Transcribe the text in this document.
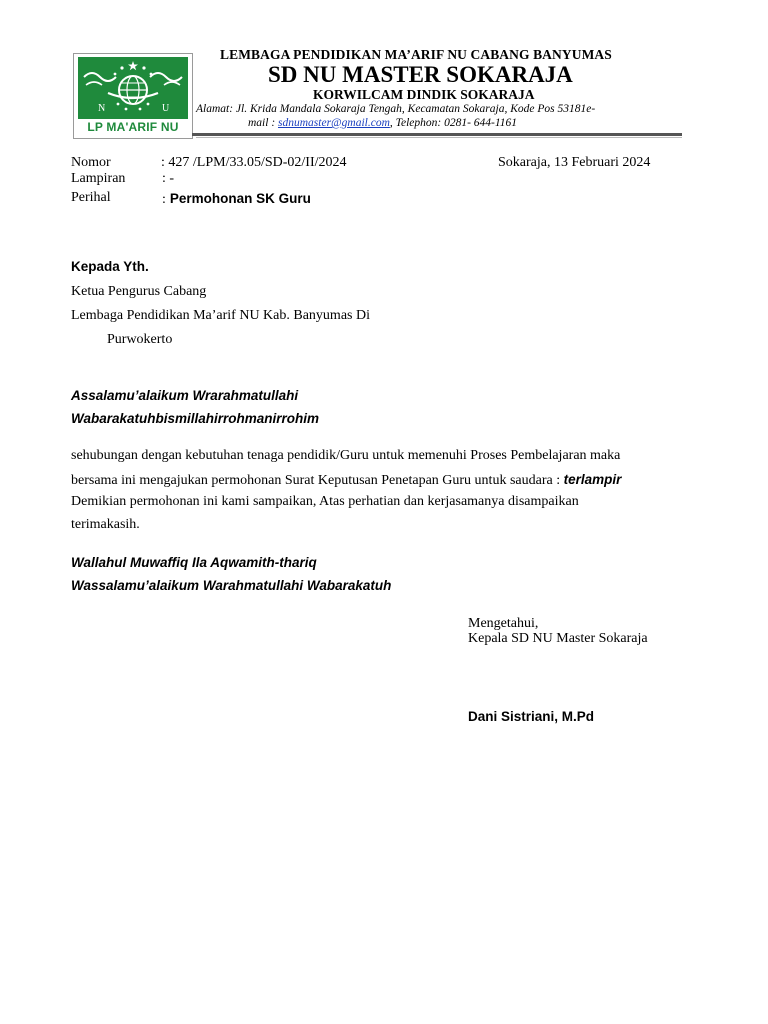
N	U
LP MA'ARIF NU
LEMBAGA PENDIDIKAN MA’ARIF NU CABANG BANYUMAS
SD NU MASTER SOKARAJA
KORWILCAM DINDIK SOKARAJA
Alamat: Jl. Krida Mandala Sokaraja Tengah, Kecamatan Sokaraja, Kode Pos 53181e-
mail : sdnumaster@gmail.com, Telephon: 0281- 644-1161
Nomor	: 427 /LPM/33.05/SD-02/II/2024	Sokaraja, 13 Februari 2024
Lampiran	: -
Perihal	: Permohonan SK Guru
Kepada Yth.
Ketua Pengurus Cabang
Lembaga Pendidikan Ma’arif NU Kab. Banyumas Di
Purwokerto
Assalamu’alaikum Wrarahmatullahi
Wabarakatuhbismillahirrohmanirrohim
sehubungan dengan kebutuhan tenaga pendidik/Guru untuk memenuhi Proses Pembelajaran maka
bersama ini mengajukan permohonan Surat Keputusan Penetapan Guru untuk saudara : terlampir
Demikian permohonan ini kami sampaikan, Atas perhatian dan kerjasamanya disampaikan
terimakasih.
Wallahul Muwaffiq Ila Aqwamith-thariq
Wassalamu’alaikum Warahmatullahi Wabarakatuh
Mengetahui,
Kepala SD NU Master Sokaraja
Dani Sistriani, M.Pd
